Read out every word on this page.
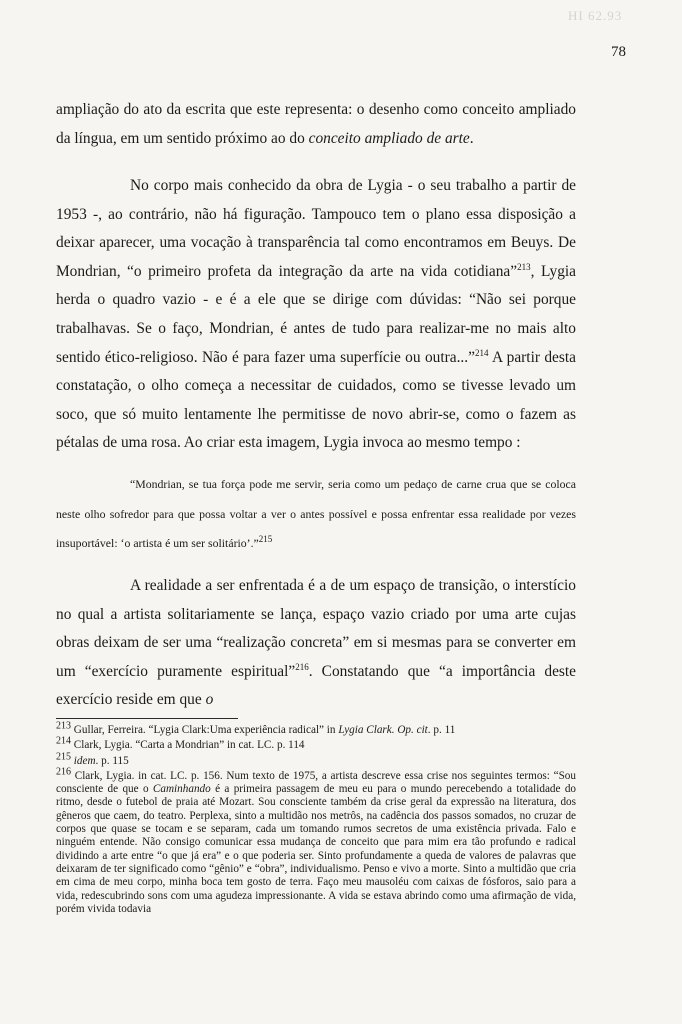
HI 62.93
78

ampliação do ato da escrita que este representa: o desenho como conceito ampliado da língua, em um sentido próximo ao do conceito ampliado de arte.

No corpo mais conhecido da obra de Lygia - o seu trabalho a partir de 1953 -, ao contrário, não há figuração. Tampouco tem o plano essa disposição a deixar aparecer, uma vocação à transparência tal como encontramos em Beuys. De Mondrian, “o primeiro profeta da integração da arte na vida cotidiana”$^{213}$, Lygia herda o quadro vazio - e é a ele que se dirige com dúvidas: “Não sei porque trabalhavas. Se o faço, Mondrian, é antes de tudo para realizar-me no mais alto sentido ético-religioso. Não é para fazer uma superfície ou outra...”$^{214}$ A partir desta constatação, o olho começa a necessitar de cuidados, como se tivesse levado um soco, que só muito lentamente lhe permitisse de novo abrir-se, como o fazem as pétalas de uma rosa. Ao criar esta imagem, Lygia invoca ao mesmo tempo :

“Mondrian, se tua força pode me servir, seria como um pedaço de carne crua que se coloca neste olho sofredor para que possa voltar a ver o antes possível e possa enfrentar essa realidade por vezes insuportável: ‘o artista é um ser solitário’.”$^{215}$

A realidade a ser enfrentada é a de um espaço de transição, o interstício no qual a artista solitariamente se lança, espaço vazio criado por uma arte cujas obras deixam de ser uma “realização concreta” em si mesmas para se converter em um “exercício puramente espiritual”$^{216}$. Constatando que “a importância deste exercício reside em que o

$^{213}$ Gullar, Ferreira. “Lygia Clark:Uma experiência radical” in Lygia Clark. Op. cit. p. 11

$^{214}$ Clark, Lygia. “Carta a Mondrian” in cat. LC. p. 114

$^{215}$ idem. p. 115

$^{216}$ Clark, Lygia. in cat. LC. p. 156. Num texto de 1975, a artista descreve essa crise nos seguintes termos: “Sou consciente de que o Caminhando é a primeira passagem de meu eu para o mundo perecebendo a totalidade do ritmo, desde o futebol de praia até Mozart. Sou consciente também da crise geral da expressão na literatura, dos gêneros que caem, do teatro. Perplexa, sinto a multidão nos metrôs, na cadência dos passos somados, no cruzar de corpos que quase se tocam e se separam, cada um tomando rumos secretos de uma existência privada. Falo e ninguém entende. Não consigo comunicar essa mudança de conceito que para mim era tão profundo e radical dividindo a arte entre “o que já era” e o que poderia ser. Sinto profundamente a queda de valores de palavras que deixaram de ter significado como “gênio” e “obra”, individualismo. Penso e vivo a morte. Sinto a multidão que cria em cima de meu corpo, minha boca tem gosto de terra. Faço meu mausoléu com caixas de fósforos, saio para a vida, redescubrindo sons com uma agudeza impressionante. A vida se estava abrindo como uma afirmação de vida, porém vivida todavia
